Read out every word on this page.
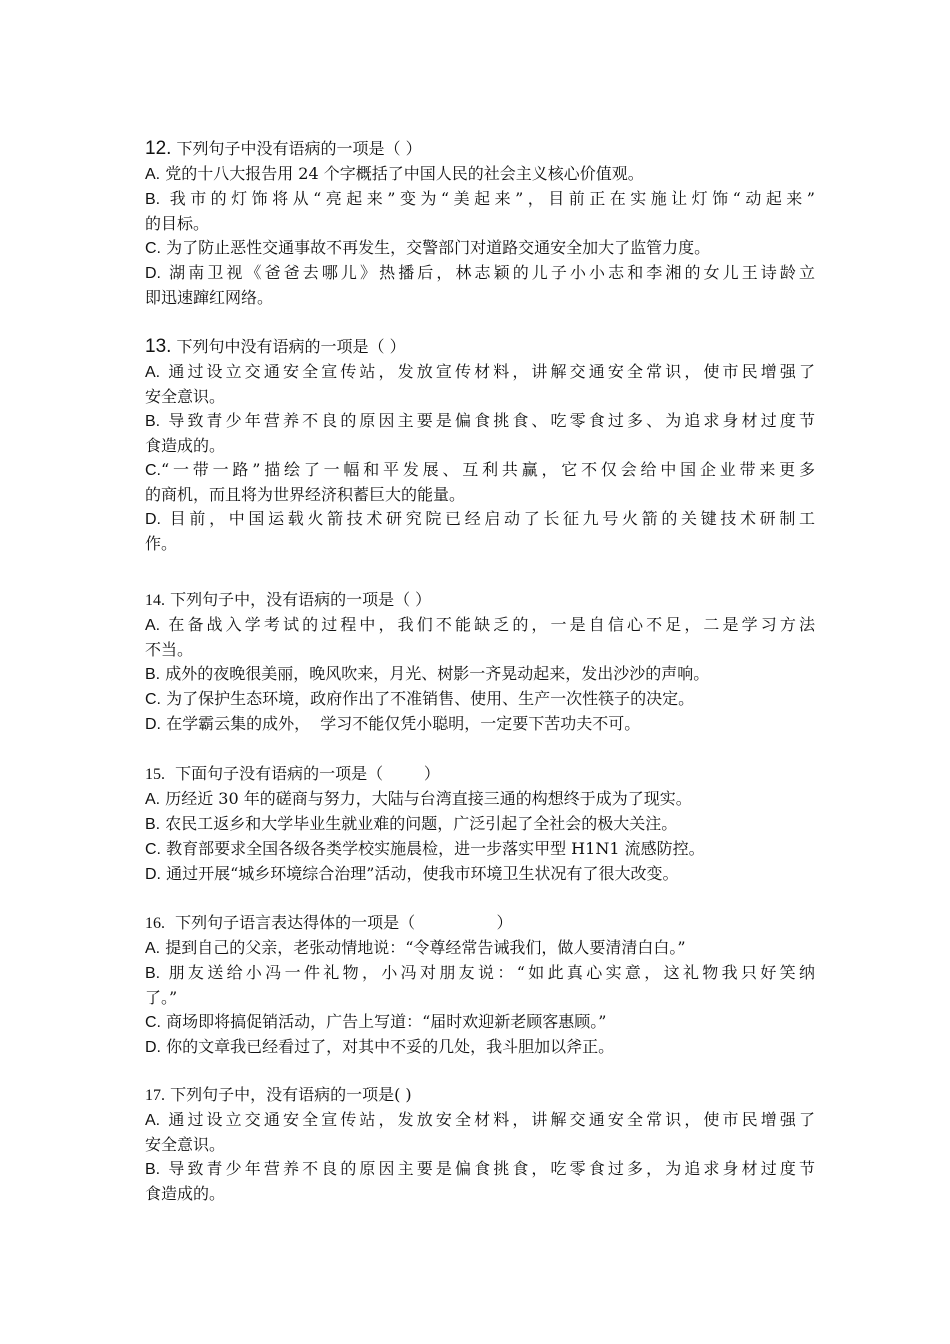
12. 下列句子中没有语病的一项是（ ）
A. 党的十八大报告用 24 个字概括了中国人民的社会主义核心价值观。
B. 我市的灯饰将从“亮起来”变为“美起来”，目前正在实施让灯饰“动起来”
的目标。
C. 为了防止恶性交通事故不再发生，交警部门对道路交通安全加大了监管力度。
D. 湖南卫视《爸爸去哪儿》热播后，林志颖的儿子小小志和李湘的女儿王诗龄立
即迅速蹿红网络。
13. 下列句中没有语病的一项是（ ）
A. 通过设立交通安全宣传站，发放宣传材料，讲解交通安全常识，使市民增强了
安全意识。
B. 导致青少年营养不良的原因主要是偏食挑食、吃零食过多、为追求身材过度节
食造成的。
C.“一带一路”描绘了一幅和平发展、互利共赢，它不仅会给中国企业带来更多
的商机，而且将为世界经济积蓄巨大的能量。
D. 目前，中国运载火箭技术研究院已经启动了长征九号火箭的关键技术研制工
作。
14. 下列句子中，没有语病的一项是（ ）
A. 在备战入学考试的过程中，我们不能缺乏的，一是自信心不足，二是学习方法
不当。
B. 成外的夜晚很美丽，晚风吹来，月光、树影一齐晃动起来，发出沙沙的声响。
C. 为了保护生态环境，政府作出了不准销售、使用、生产一次性筷子的决定。
D. 在学霸云集的成外，  学习不能仅凭小聪明，一定要下苦功夫不可。
15. 下面句子没有语病的一项是（        ）
A. 历经近 30 年的磋商与努力，大陆与台湾直接三通的构想终于成为了现实。
B. 农民工返乡和大学毕业生就业难的问题，广泛引起了全社会的极大关注。
C. 教育部要求全国各级各类学校实施晨检，进一步落实甲型 H1N1 流感防控。
D. 通过开展“城乡环境综合治理”活动，使我市环境卫生状况有了很大改变。
16. 下列句子语言表达得体的一项是（                ）
A. 提到自己的父亲，老张动情地说：“令尊经常告诫我们，做人要清清白白。”
B. 朋友送给小冯一件礼物，小冯对朋友说：“如此真心实意，这礼物我只好笑纳
了。”
C. 商场即将搞促销活动，广告上写道：“届时欢迎新老顾客惠顾。”
D. 你的文章我已经看过了，对其中不妥的几处，我斗胆加以斧正。
17. 下列句子中，没有语病的一项是( )
A. 通过设立交通安全宣传站，发放安全材料，讲解交通安全常识，使市民增强了
安全意识。
B. 导致青少年营养不良的原因主要是偏食挑食，吃零食过多，为追求身材过度节
食造成的。
